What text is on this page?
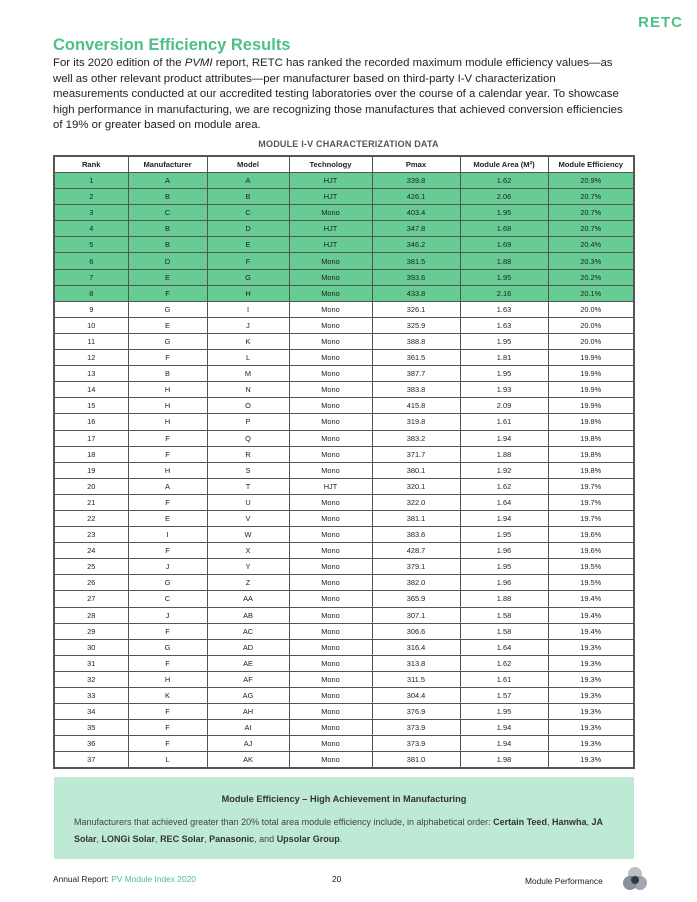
RETC
Conversion Efficiency Results

For its 2020 edition of the PVMI report, RETC has ranked the recorded maximum module efficiency values—as well as other relevant product attributes—per manufacturer based on third-party I-V characterization measurements conducted at our accredited testing laboratories over the course of a calendar year. To showcase high performance in manufacturing, we are recognizing those manufactures that achieved conversion efficiencies of 19% or greater based on module area.

MODULE I-V CHARACTERIZATION DATA
Rank	Manufacturer	Model	Technology	Pmax	Module Area (M²)	Module Efficiency
1	A	A	HJT	339.8	1.62	20.9%
2	B	B	HJT	426.1	2.06	20.7%
3	C	C	Mono	403.4	1.95	20.7%
4	B	D	HJT	347.8	1.68	20.7%
5	B	E	HJT	346.2	1.69	20.4%
6	D	F	Mono	381.5	1.88	20.3%
7	E	G	Mono	393.6	1.95	20.2%
8	F	H	Mono	433.8	2.16	20.1%
9	G	I	Mono	326.1	1.63	20.0%
10	E	J	Mono	325.9	1.63	20.0%
11	G	K	Mono	388.8	1.95	20.0%
12	F	L	Mono	361.5	1.81	19.9%
13	B	M	Mono	387.7	1.95	19.9%
14	H	N	Mono	383.8	1.93	19.9%
15	H	O	Mono	415.8	2.09	19.9%
16	H	P	Mono	319.8	1.61	19.8%
17	F	Q	Mono	383.2	1.94	19.8%
18	F	R	Mono	371.7	1.88	19.8%
19	H	S	Mono	380.1	1.92	19.8%
20	A	T	HJT	320.1	1.62	19.7%
21	F	U	Mono	322.0	1.64	19.7%
22	E	V	Mono	381.1	1.94	19.7%
23	I	W	Mono	383.6	1.95	19.6%
24	F	X	Mono	428.7	1.96	19.6%
25	J	Y	Mono	379.1	1.95	19.5%
26	G	Z	Mono	382.0	1.96	19.5%
27	C	AA	Mono	365.9	1.88	19.4%
28	J	AB	Mono	307.1	1.58	19.4%
29	F	AC	Mono	306.6	1.58	19.4%
30	G	AD	Mono	316.4	1.64	19.3%
31	F	AE	Mono	313.8	1.62	19.3%
32	H	AF	Mono	311.5	1.61	19.3%
33	K	AG	Mono	304.4	1.57	19.3%
34	F	AH	Mono	376.9	1.95	19.3%
35	F	AI	Mono	373.9	1.94	19.3%
36	F	AJ	Mono	373.9	1.94	19.3%
37	L	AK	Mono	381.0	1.98	19.3%
Module Efficiency – High Achievement in Manufacturing
Manufacturers that achieved greater than 20% total area module efficiency include, in alphabetical order: Certain Teed, Hanwha, JA Solar, LONGi Solar, REC Solar, Panasonic, and Upsolar Group.
Annual Report: PV Module Index 2020	20	Module Performance
